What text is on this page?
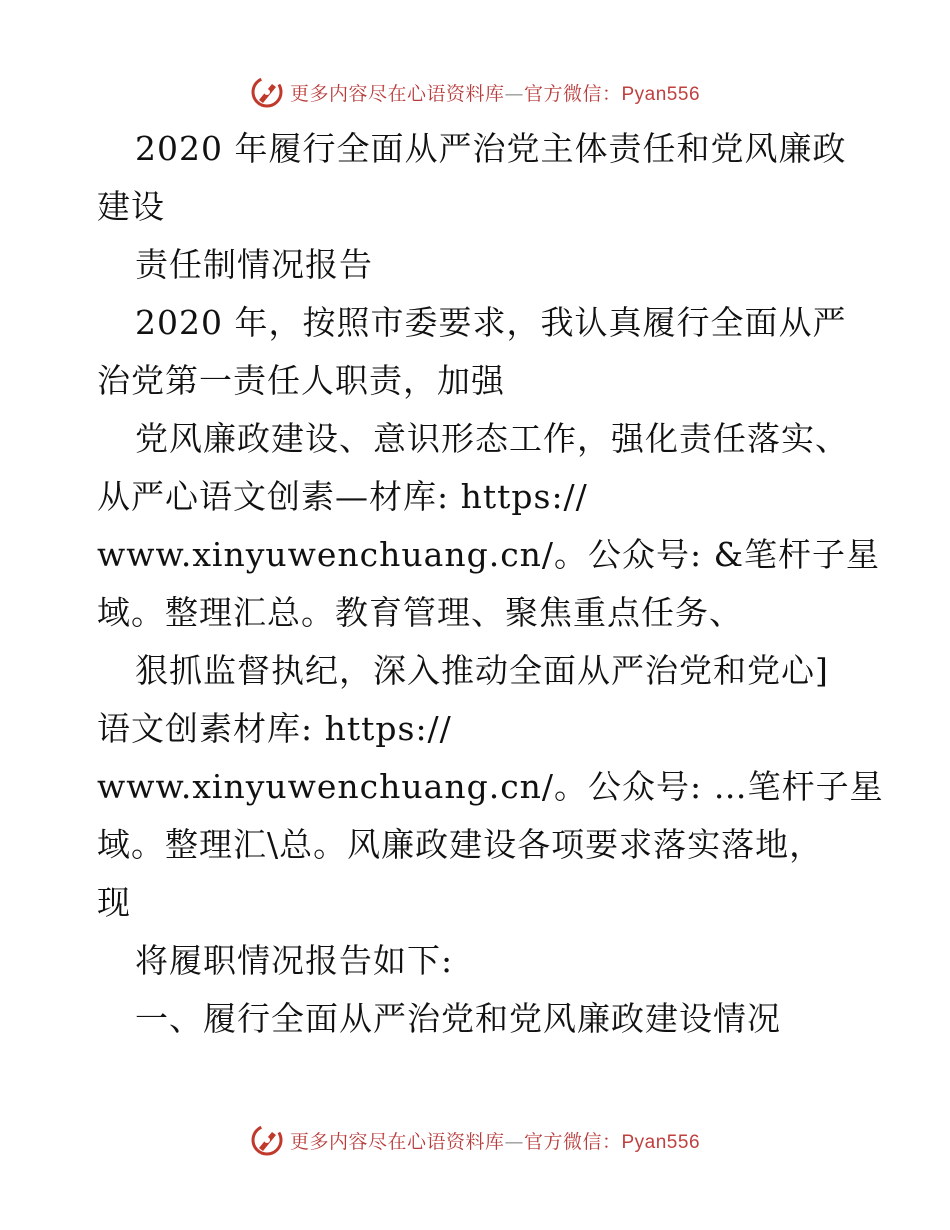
更多内容尽在心语资料库—官方微信：Pyan556
2020 年履行全面从严治党主体责任和党风廉政
建设
责任制情况报告
2020 年，按照市委要求，我认真履行全面从严
治党第一责任人职责，加强
党风廉政建设、意识形态工作，强化责任落实、
从严心语文创素—材库: https://
www.xinyuwenchuang.cn/。公众号: &笔杆子星
域。整理汇总。教育管理、聚焦重点任务、
狠抓监督执纪，深入推动全面从严治党和党心]
语文创素材库: https://
www.xinyuwenchuang.cn/。公众号: …笔杆子星
域。整理汇\总。风廉政建设各项要求落实落地，
现
将履职情况报告如下:
一、履行全面从严治党和党风廉政建设情况
更多内容尽在心语资料库—官方微信：Pyan556
